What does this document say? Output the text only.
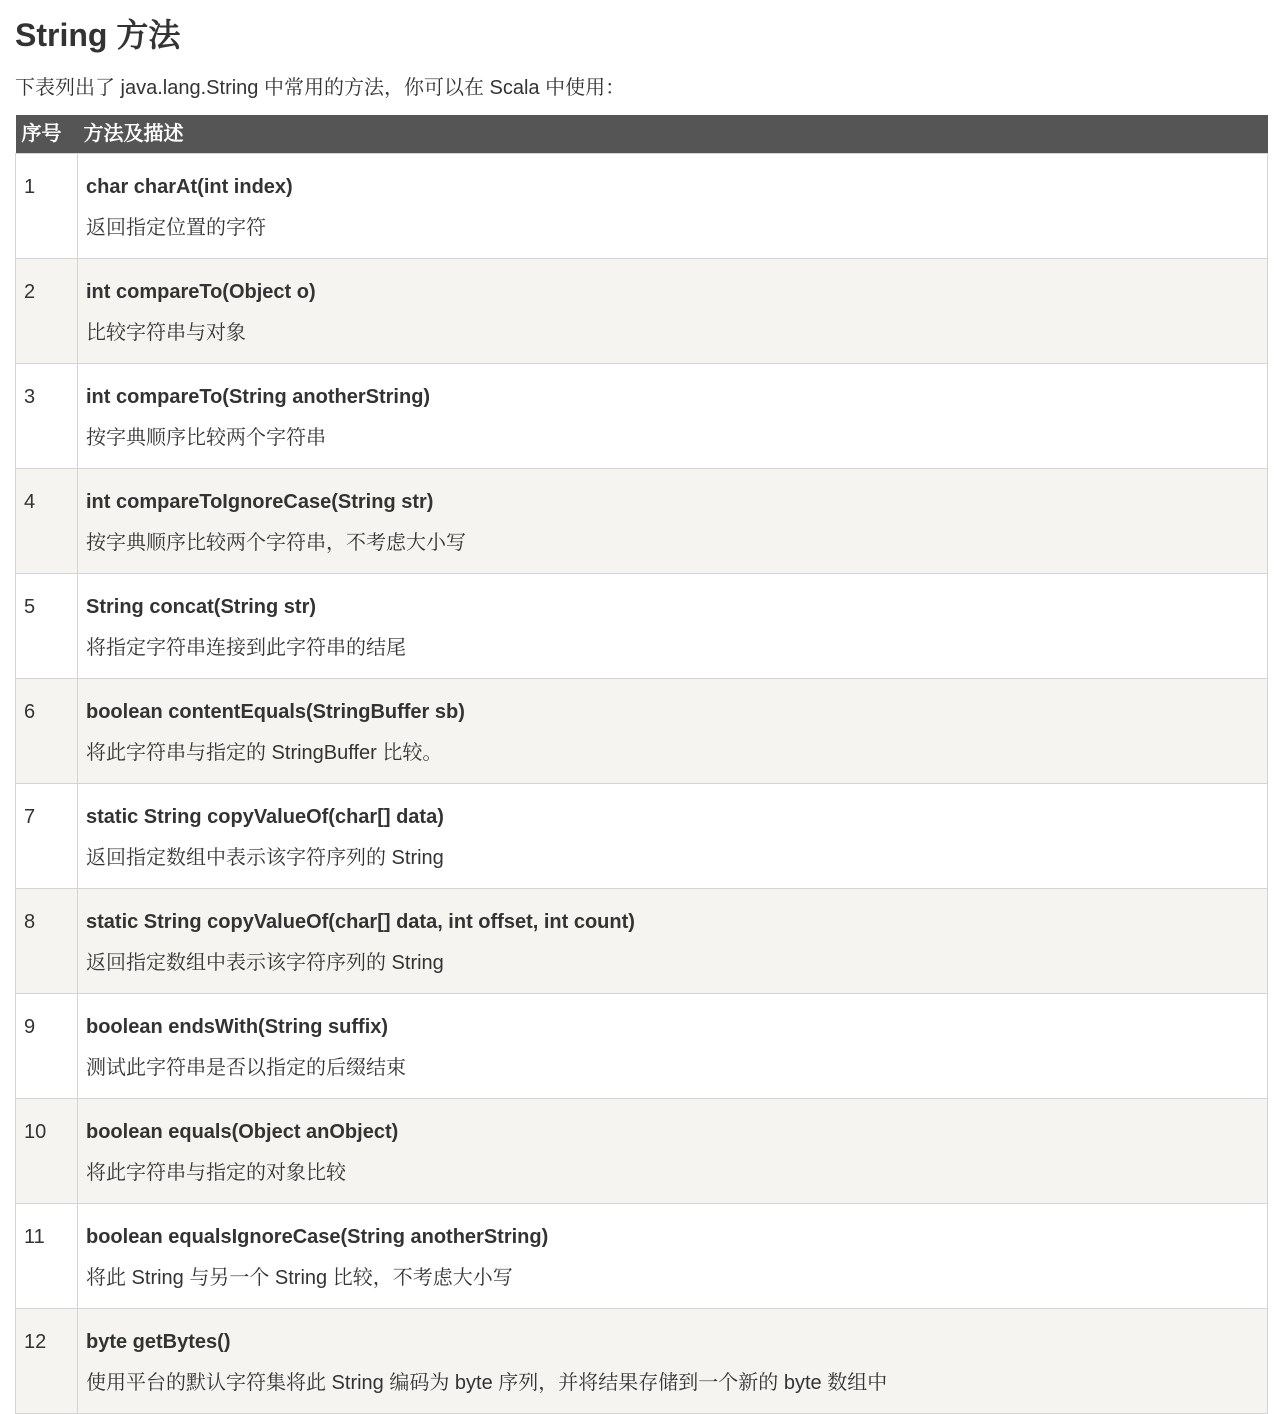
String 方法

下表列出了 java.lang.String 中常用的方法，你可以在 Scala 中使用：

序号	方法及描述

1	char charAt(int index)
返回指定位置的字符

2	int compareTo(Object o)
比较字符串与对象

3	int compareTo(String anotherString)
按字典顺序比较两个字符串

4	int compareToIgnoreCase(String str)
按字典顺序比较两个字符串，不考虑大小写

5	String concat(String str)
将指定字符串连接到此字符串的结尾

6	boolean contentEquals(StringBuffer sb)
将此字符串与指定的 StringBuffer 比较。

7	static String copyValueOf(char[] data)
返回指定数组中表示该字符序列的 String

8	static String copyValueOf(char[] data, int offset, int count)
返回指定数组中表示该字符序列的 String

9	boolean endsWith(String suffix)
测试此字符串是否以指定的后缀结束

10	boolean equals(Object anObject)
将此字符串与指定的对象比较

11	boolean equalsIgnoreCase(String anotherString)
将此 String 与另一个 String 比较，不考虑大小写

12	byte getBytes()
使用平台的默认字符集将此 String 编码为 byte 序列，并将结果存储到一个新的 byte 数组中
